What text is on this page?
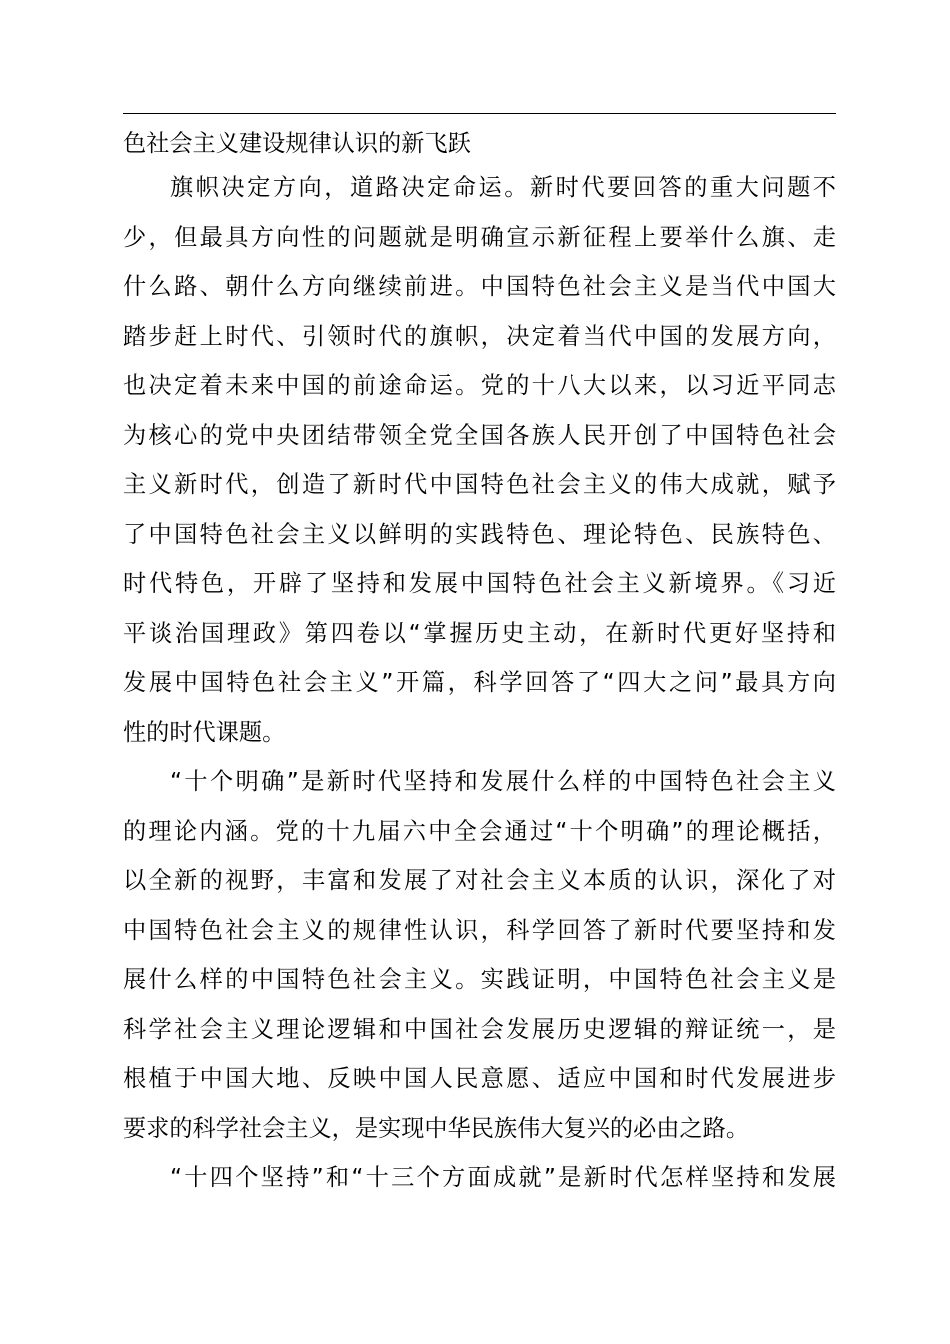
色社会主义建设规律认识的新飞跃
旗帜决定方向，道路决定命运。新时代要回答的重大问题不
少，但最具方向性的问题就是明确宣示新征程上要举什么旗、走
什么路、朝什么方向继续前进。中国特色社会主义是当代中国大
踏步赶上时代、引领时代的旗帜，决定着当代中国的发展方向，
也决定着未来中国的前途命运。党的十八大以来，以习近平同志
为核心的党中央团结带领全党全国各族人民开创了中国特色社会
主义新时代，创造了新时代中国特色社会主义的伟大成就，赋予
了中国特色社会主义以鲜明的实践特色、理论特色、民族特色、
时代特色，开辟了坚持和发展中国特色社会主义新境界。《习近
平谈治国理政》第四卷以“掌握历史主动，在新时代更好坚持和
发展中国特色社会主义”开篇，科学回答了“四大之问”最具方向
性的时代课题。
“十个明确”是新时代坚持和发展什么样的中国特色社会主义
的理论内涵。党的十九届六中全会通过“十个明确”的理论概括，
以全新的视野，丰富和发展了对社会主义本质的认识，深化了对
中国特色社会主义的规律性认识，科学回答了新时代要坚持和发
展什么样的中国特色社会主义。实践证明，中国特色社会主义是
科学社会主义理论逻辑和中国社会发展历史逻辑的辩证统一，是
根植于中国大地、反映中国人民意愿、适应中国和时代发展进步
要求的科学社会主义，是实现中华民族伟大复兴的必由之路。
“十四个坚持”和“十三个方面成就”是新时代怎样坚持和发展
